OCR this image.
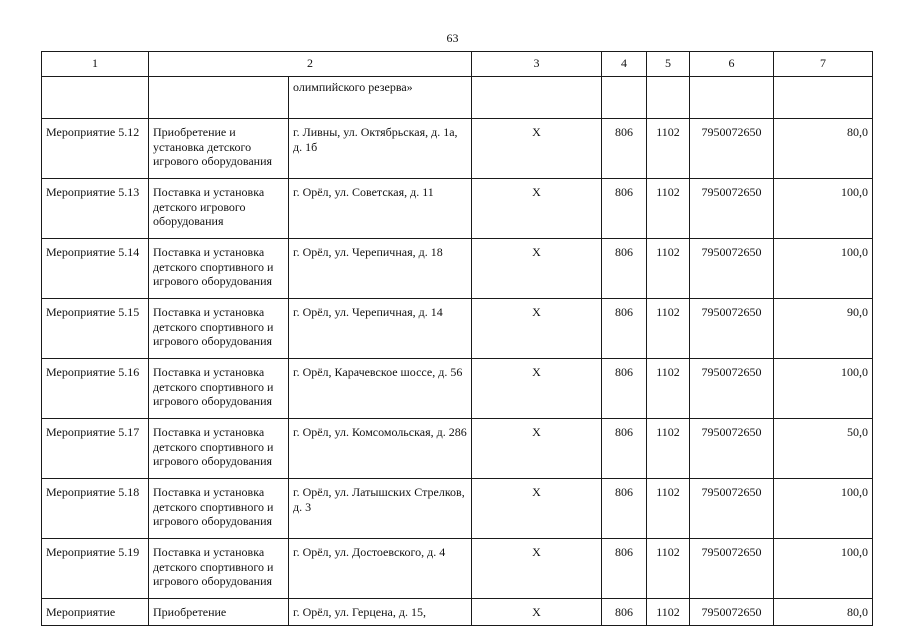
63
1	2		3	4	5	6	7
		олимпийского резерва»					
Мероприятие 5.12	Приобретение и установка детского игрового оборудования	г. Ливны, ул. Октябрьская, д. 1а, д. 1б	X	806	1102	7950072650	80,0
Мероприятие 5.13	Поставка и установка детского игрового оборудования	г. Орёл, ул. Советская, д. 11	X	806	1102	7950072650	100,0
Мероприятие 5.14	Поставка и установка детского спортивного и игрового оборудования	г. Орёл, ул. Черепичная, д. 18	X	806	1102	7950072650	100,0
Мероприятие 5.15	Поставка и установка детского спортивного и игрового оборудования	г. Орёл, ул. Черепичная, д. 14	X	806	1102	7950072650	90,0
Мероприятие 5.16	Поставка и установка детского спортивного и игрового оборудования	г. Орёл, Карачевское шоссе, д. 56	X	806	1102	7950072650	100,0
Мероприятие 5.17	Поставка и установка детского спортивного и игрового оборудования	г. Орёл, ул. Комсомольская, д. 286	X	806	1102	7950072650	50,0
Мероприятие 5.18	Поставка и установка детского спортивного и игрового оборудования	г. Орёл, ул. Латышских Стрелков, д. 3	X	806	1102	7950072650	100,0
Мероприятие 5.19	Поставка и установка детского спортивного и игрового оборудования	г. Орёл, ул. Достоевского, д. 4	X	806	1102	7950072650	100,0
Мероприятие	Приобретение	г. Орёл, ул. Герцена, д. 15,	X	806	1102	7950072650	80,0
